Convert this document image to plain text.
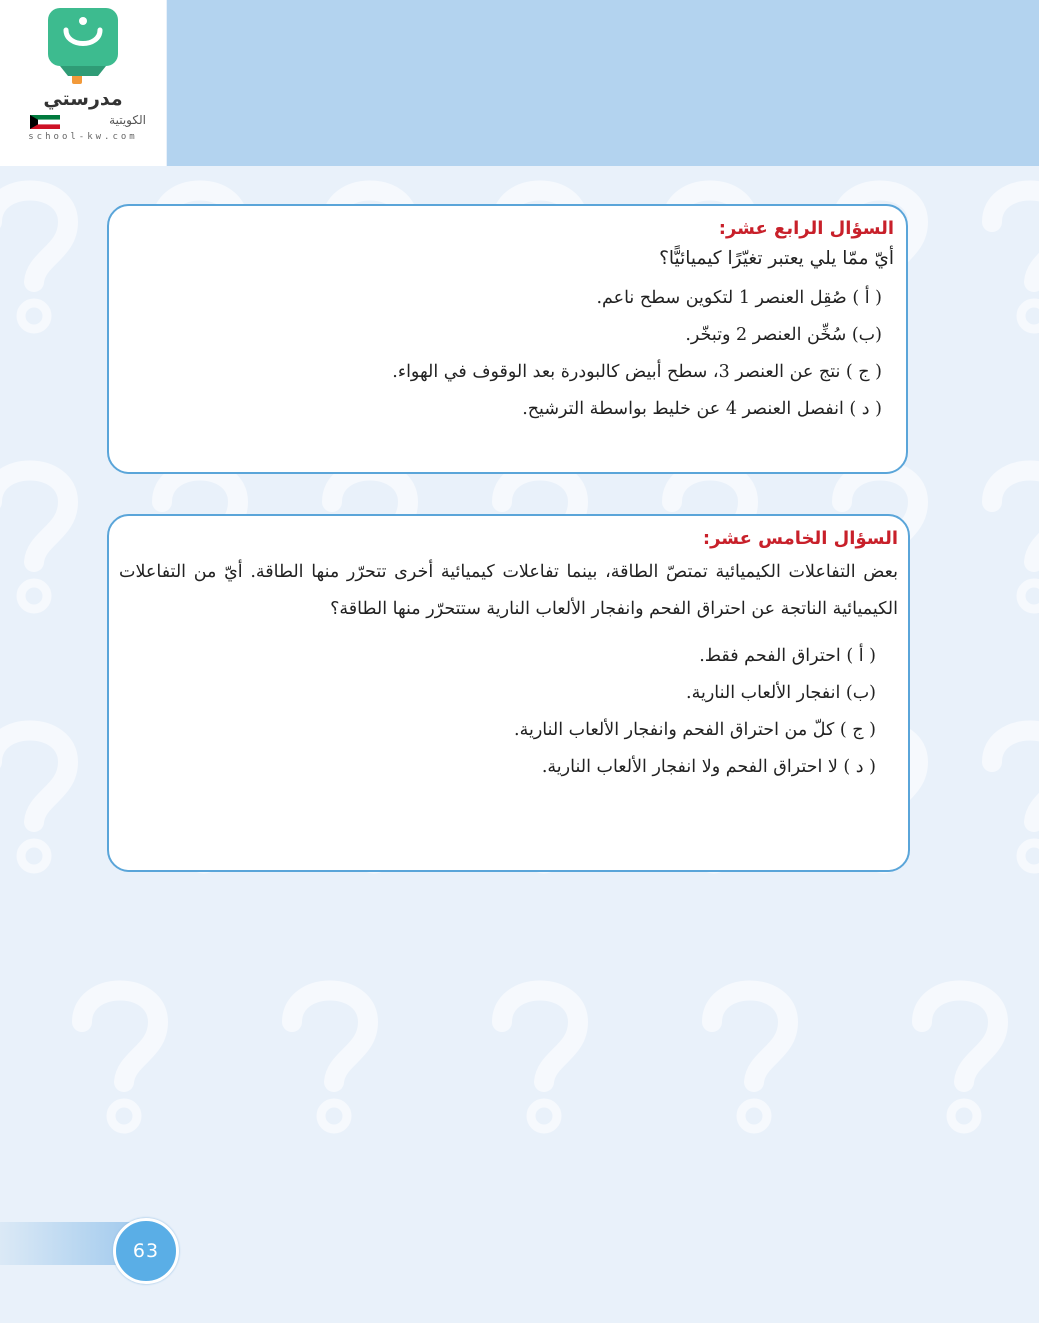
مدرستي
الكويتية
school-kw.com
السؤال الرابع عشر:
أيّ ممّا يلي يعتبر تغيّرًا كيميائيًّا؟
( أ ) صُقِل العنصر 1 لتكوين سطح ناعم.
(ب) سُخِّن العنصر 2 وتبخّر.
( ج ) نتج عن العنصر 3، سطح أبيض كالبودرة بعد الوقوف في الهواء.
( د ) انفصل العنصر 4 عن خليط بواسطة الترشيح.
السؤال الخامس عشر:
بعض التفاعلات الكيميائية تمتصّ الطاقة، بينما تفاعلات كيميائية أخرى تتحرّر منها الطاقة. أيّ من التفاعلات الكيميائية الناتجة عن احتراق الفحم وانفجار الألعاب النارية ستتحرّر منها الطاقة؟
( أ ) احتراق الفحم فقط.
(ب) انفجار الألعاب النارية.
( ج ) كلّ من احتراق الفحم وانفجار الألعاب النارية.
( د ) لا احتراق الفحم ولا انفجار الألعاب النارية.
63
